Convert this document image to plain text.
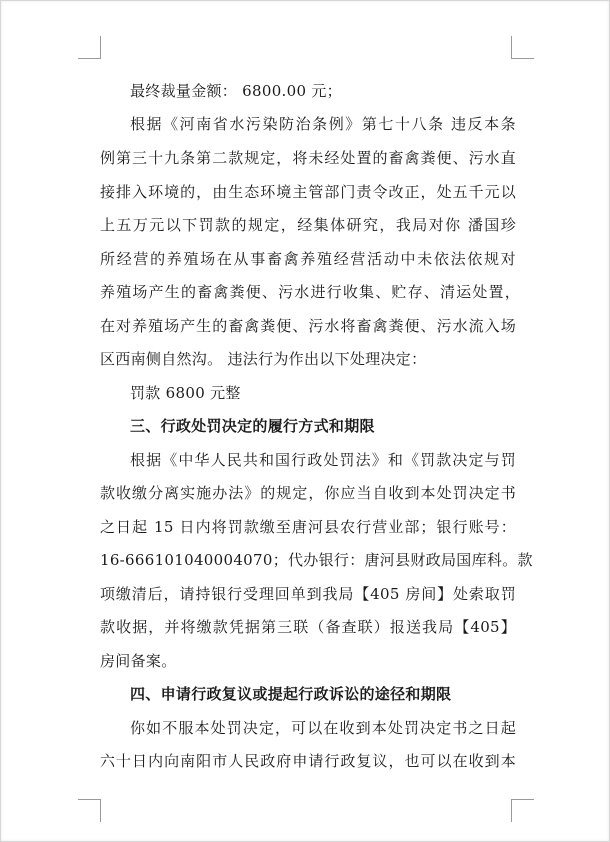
最终裁量金额： 6800.00 元；
根据《河南省水污染防治条例》第七十八条 违反本条
例第三十九条第二款规定，将未经处置的畜禽粪便、污水直
接排入环境的，由生态环境主管部门责令改正，处五千元以
上五万元以下罚款的规定，经集体研究，我局对你 潘国珍
所经营的养殖场在从事畜禽养殖经营活动中未依法依规对
养殖场产生的畜禽粪便、污水进行收集、贮存、清运处置，
在对养殖场产生的畜禽粪便、污水将畜禽粪便、污水流入场
区西南侧自然沟。 违法行为作出以下处理决定：
罚款 6800 元整
三、行政处罚决定的履行方式和期限
根据《中华人民共和国行政处罚法》和《罚款决定与罚
款收缴分离实施办法》的规定，你应当自收到本处罚决定书
之日起 15 日内将罚款缴至唐河县农行营业部；银行账号：
16-666101040004070；代办银行：唐河县财政局国库科。款
项缴清后，请持银行受理回单到我局【405 房间】处索取罚
款收据，并将缴款凭据第三联（备查联）报送我局【405】
房间备案。
四、申请行政复议或提起行政诉讼的途径和期限
你如不服本处罚决定，可以在收到本处罚决定书之日起
六十日内向南阳市人民政府申请行政复议，也可以在收到本
